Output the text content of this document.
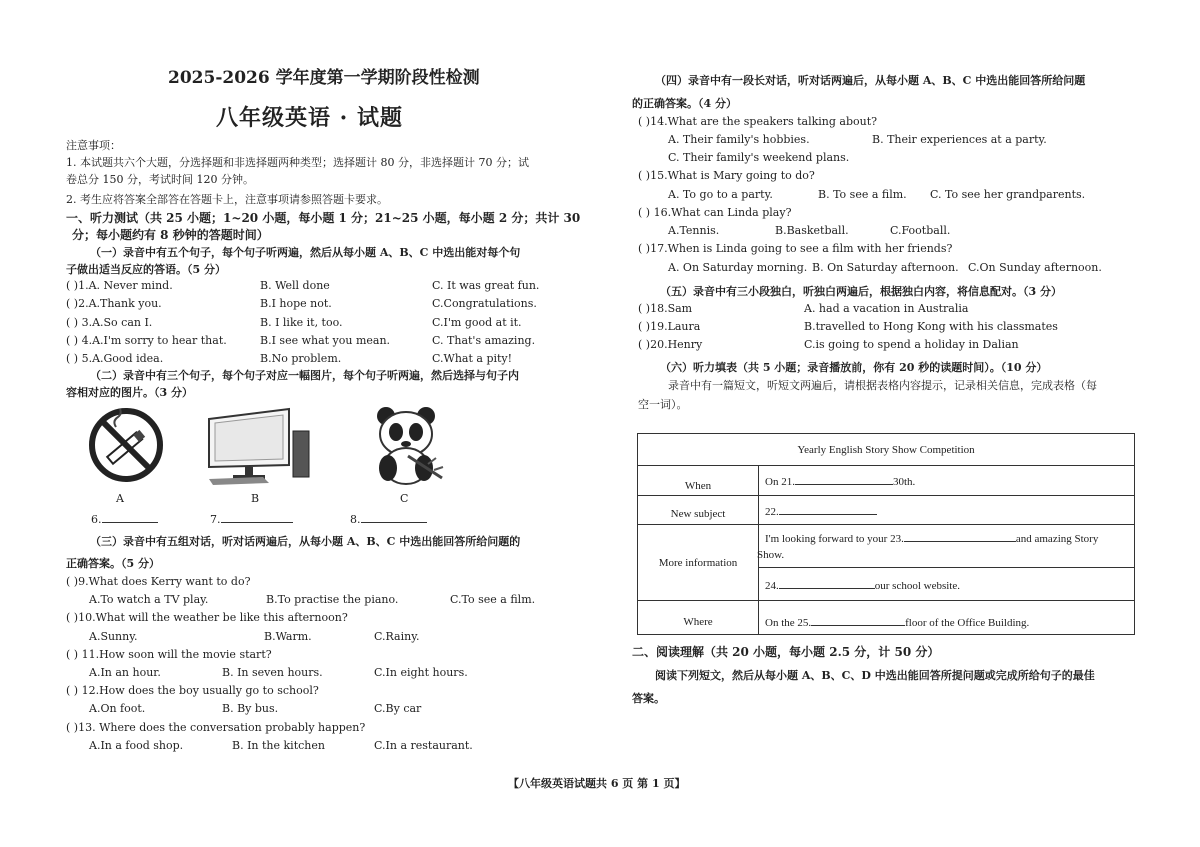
2025-2026 学年度第一学期阶段性检测
八年级英语 · 试题
注意事项：
1. 本试题共六个大题，分选择题和非选择题两种类型；选择题计 80 分，非选择题计 70 分；试
卷总分 150 分，考试时间 120 分钟。
2. 考生应将答案全部答在答题卡上，注意事项请参照答题卡要求。
一、听力测试（共 25 小题；1~20 小题，每小题 1 分；21~25 小题，每小题 2 分；共计 30
分；每小题约有 8 秒钟的答题时间）
（一）录音中有五个句子，每个句子听两遍，然后从每小题 A、B、C 中选出能对每个句
子做出适当反应的答语。（5 分）
( )1.A. Never mind.	B. Well done	C. It was great fun.
( )2.A.Thank you.	B.I hope not.	C.Congratulations.
( ) 3.A.So can I.	B. I like it, too.	C.I'm good at it.
( ) 4.A.I'm sorry to hear that.	B.I see what you mean.	C. That's amazing.
( ) 5.A.Good idea.	B.No problem.	C.What a pity!
（二）录音中有三个句子，每个句子对应一幅图片，每个句子听两遍，然后选择与句子内
容相对应的图片。（3 分）
A	B	C
6.	7.	8.
（三）录音中有五组对话，听对话两遍后，从每小题 A、B、C 中选出能回答所给问题的
正确答案。（5 分）
( )9.What does Kerry want to do?
A.To watch a TV play.	B.To practise the piano.	C.To see a film.
( )10.What will the weather be like this afternoon?
A.Sunny.	B.Warm.	C.Rainy.
( ) 11.How soon will the movie start?
A.In an hour.	B. In seven hours.	C.In eight hours.
( ) 12.How does the boy usually go to school?
A.On foot.	B. By bus.	C.By car
( )13. Where does the conversation probably happen?
A.In a food shop.	B. In the kitchen	C.In a restaurant.
（四）录音中有一段长对话，听对话两遍后，从每小题 A、B、C 中选出能回答所给问题
的正确答案。（4 分）
( )14.What are the speakers talking about?
A. Their family's hobbies.	B. Their experiences at a party.
C. Their family's weekend plans.
( )15.What is Mary going to do?
A. To go to a party.	B. To see a film. C. To see her grandparents.
( ) 16.What can Linda play?
A.Tennis.	B.Basketball.	C.Football.
( )17.When is Linda going to see a film with her friends?
A. On Saturday morning. B. On Saturday afternoon. C.On Sunday afternoon.
（五）录音中有三小段独白，听独白两遍后，根据独白内容，将信息配对。（3 分）
( )18.Sam	A. had a vacation in Australia
( )19.Laura	B.travelled to Hong Kong with his classmates
( )20.Henry	C.is going to spend a holiday in Dalian
（六）听力填表（共 5 小题；录音播放前，你有 20 秒的读题时间）。（10 分）
录音中有一篇短文，听短文两遍后，请根据表格内容提示，记录相关信息，完成表格（每
空一词）。
Yearly English Story Show Competition	
When	On 21. 30th.
New subject	22.
More information	I'm looking forward to your 23. and amazing Story
Show.
	24. our school website.
Where	On the 25. floor of the Office Building.
二、阅读理解（共 20 小题，每小题 2.5 分，计 50 分）
阅读下列短文，然后从每小题 A、B、C、D 中选出能回答所提问题或完成所给句子的最佳
答案。
【八年级英语试题共 6 页 第 1 页】
